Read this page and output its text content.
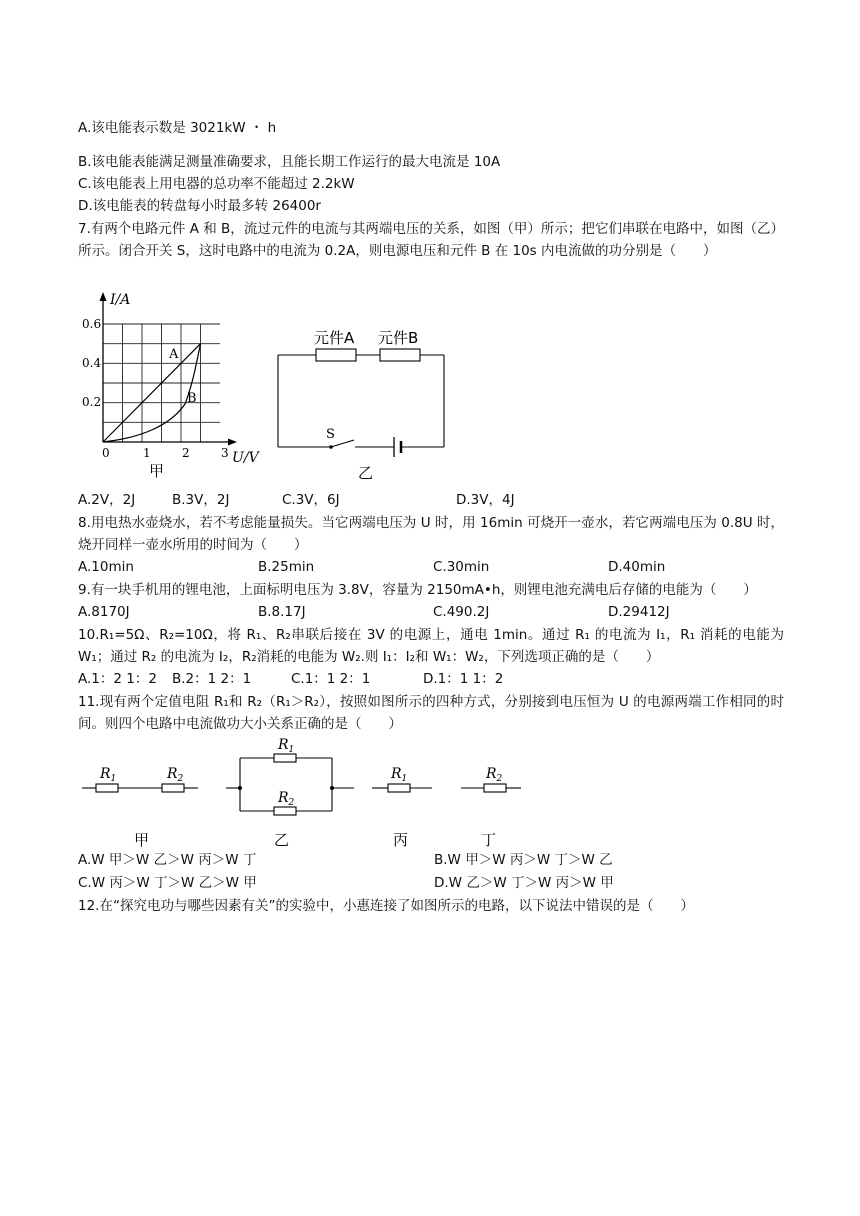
A.该电能表示数是 3021kW ・ h
B.该电能表能满足测量准确要求，且能长期工作运行的最大电流是 10A
C.该电能表上用电器的总功率不能超过 2.2kW
D.该电能表的转盘每小时最多转 26400r
7.有两个电路元件 A 和 B，流过元件的电流与其两端电压的关系，如图（甲）所示；把它们串联在电路中，如图（乙）所示。闭合开关 S，这时电路中的电流为 0.2A，则电源电压和元件 B 在 10s 内电流做的功分别是（　　）
I/A
U/V
0.6
0.4
0.2
0	1	2	3
A
B
甲
元件A 元件B
S
乙
A.2V，2J	B.3V，2J	C.3V，6J	D.3V，4J
8.用电热水壶烧水，若不考虑能量损失。当它两端电压为 U 时，用 16min 可烧开一壶水，若它两端电压为 0.8U 时，烧开同样一壶水所用的时间为（　　）
A.10min	B.25min	C.30min	D.40min
9.有一块手机用的锂电池，上面标明电压为 3.8V，容量为 2150mA•h，则锂电池充满电后存储的电能为（　　）
A.8170J	B.8.17J	C.490.2J	D.29412J
10.R₁=5Ω、R₂=10Ω，将 R₁、R₂串联后接在 3V 的电源上，通电 1min。通过 R₁ 的电流为 I₁，R₁ 消耗的电能为 W₁；通过 R₂ 的电流为 I₂，R₂消耗的电能为 W₂.则 I₁：I₂和 W₁：W₂，下列选项正确的是（　　）
A.1：2 1：2 B.2：1 2：1	C.1：1 2：1	D.1：1 1：2
11.现有两个定值电阻 R₁和 R₂（R₁＞R₂），按照如图所示的四种方式，分别接到电压恒为 U 的电源两端工作相同的时间。则四个电路中电流做功大小关系正确的是（　　）
$R_1$	$R_2$
甲
$R_1$
$R_2$
乙
$R_1$
丙
$R_2$
丁
A.W 甲＞W 乙＞W 丙＞W 丁	B.W 甲＞W 丙＞W 丁＞W 乙
C.W 丙＞W 丁＞W 乙＞W 甲	D.W 乙＞W 丁＞W 丙＞W 甲
12.在“探究电功与哪些因素有关”的实验中，小惠连接了如图所示的电路，以下说法中错误的是（　　）
